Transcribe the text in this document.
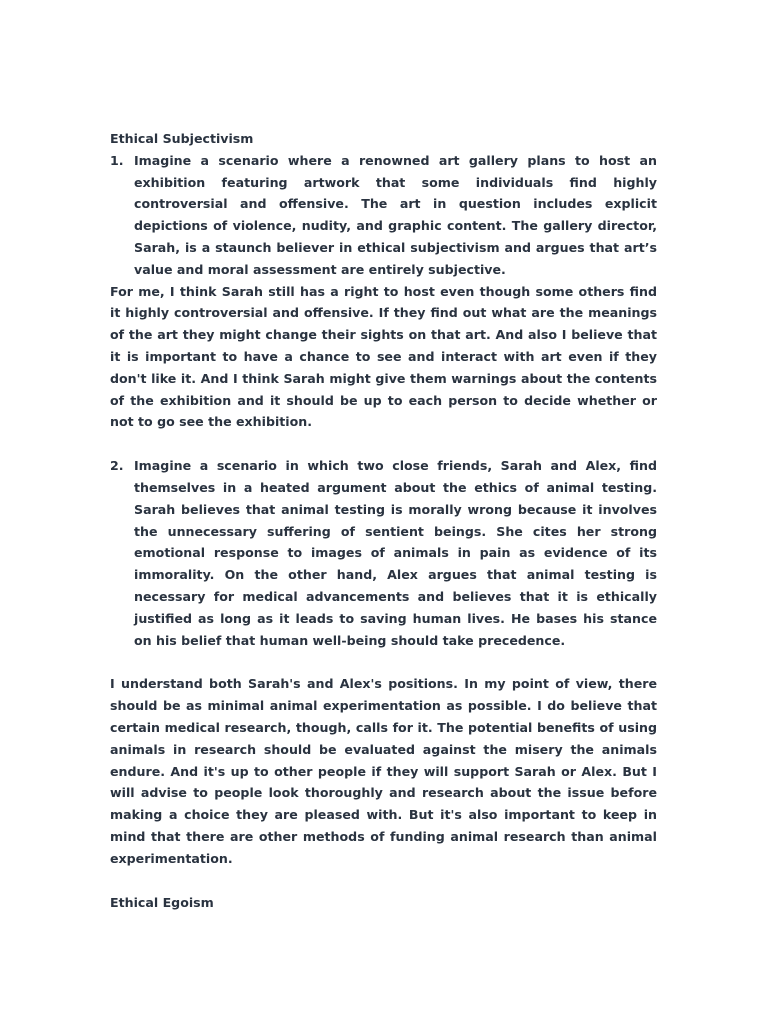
Ethical Subjectivism

1. Imagine a scenario where a renowned art gallery plans to host an exhibition featuring artwork that some individuals find highly controversial and offensive. The art in question includes explicit depictions of violence, nudity, and graphic content. The gallery director, Sarah, is a staunch believer in ethical subjectivism and argues that art’s value and moral assessment are entirely subjective.

For me, I think Sarah still has a right to host even though some others find it highly controversial and offensive. If they find out what are the meanings of the art they might change their sights on that art. And also I believe that it is important to have a chance to see and interact with art even if they don't like it. And I think Sarah might give them warnings about the contents of the exhibition and it should be up to each person to decide whether or not to go see the exhibition.

2. Imagine a scenario in which two close friends, Sarah and Alex, find themselves in a heated argument about the ethics of animal testing. Sarah believes that animal testing is morally wrong because it involves the unnecessary suffering of sentient beings. She cites her strong emotional response to images of animals in pain as evidence of its immorality. On the other hand, Alex argues that animal testing is necessary for medical advancements and believes that it is ethically justified as long as it leads to saving human lives. He bases his stance on his belief that human well-being should take precedence.

I understand both Sarah's and Alex's positions. In my point of view, there should be as minimal animal experimentation as possible. I do believe that certain medical research, though, calls for it. The potential benefits of using animals in research should be evaluated against the misery the animals endure. And it's up to other people if they will support Sarah or Alex. But I will advise to people look thoroughly and research about the issue before making a choice they are pleased with. But it's also important to keep in mind that there are other methods of funding animal research than animal experimentation.

Ethical Egoism
